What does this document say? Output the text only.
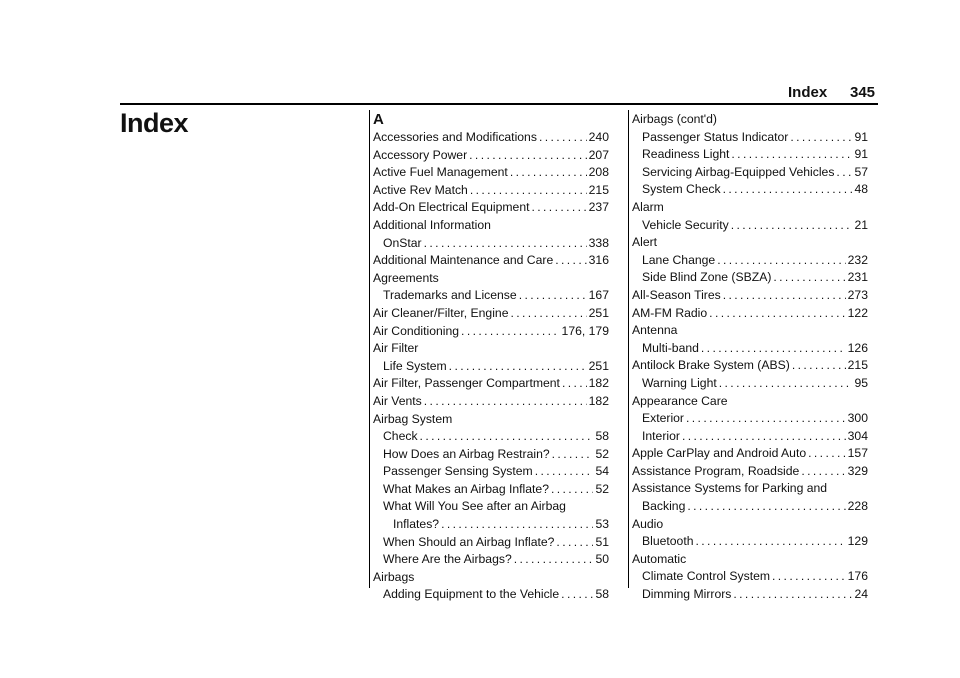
Index 345
Index	A
Accessories and Modifications . . .	240
Accessory Power . . .	207
Active Fuel Management . . .	208
Active Rev Match . . .	215
Add-On Electrical Equipment . . .	237
Additional Information
OnStar . . .	338
Additional Maintenance and Care . . .	316
Agreements
Trademarks and License . . .	167
Air Cleaner/Filter, Engine . . .	251
Air Conditioning . . .	176, 179
Air Filter
Life System . . .	251
Air Filter, Passenger Compartment . . . 182
Air Vents . . .	182
Airbag System
Check . . .	58
How Does an Airbag Restrain? . . .	52
Passenger Sensing System . . .	54
What Makes an Airbag Inflate? . . .	52
What Will You See after an Airbag
Inflates? . . .	53
When Should an Airbag Inflate? . . .	51
Where Are the Airbags? . . .	50
Airbags
Adding Equipment to the Vehicle . . .	58
Airbags (cont'd)
Passenger Status Indicator . . .	91
Readiness Light . . .	91
Servicing Airbag-Equipped Vehicles . . . 57
System Check . . .	48
Alarm
Vehicle Security . . .	21
Alert
Lane Change . . .	232
Side Blind Zone (SBZA) . . .	231
All-Season Tires . . .	273
AM-FM Radio . . .	122
Antenna
Multi-band . . .	126
Antilock Brake System (ABS) . . .	215
Warning Light . . .	95
Appearance Care
Exterior . . .	300
Interior . . .	304
Apple CarPlay and Android Auto . . .	157
Assistance Program, Roadside . . .	329
Assistance Systems for Parking and
Backing . . .	228
Audio
Bluetooth . . .	129
Automatic
Climate Control System . . .	176
Dimming Mirrors . . .	24
